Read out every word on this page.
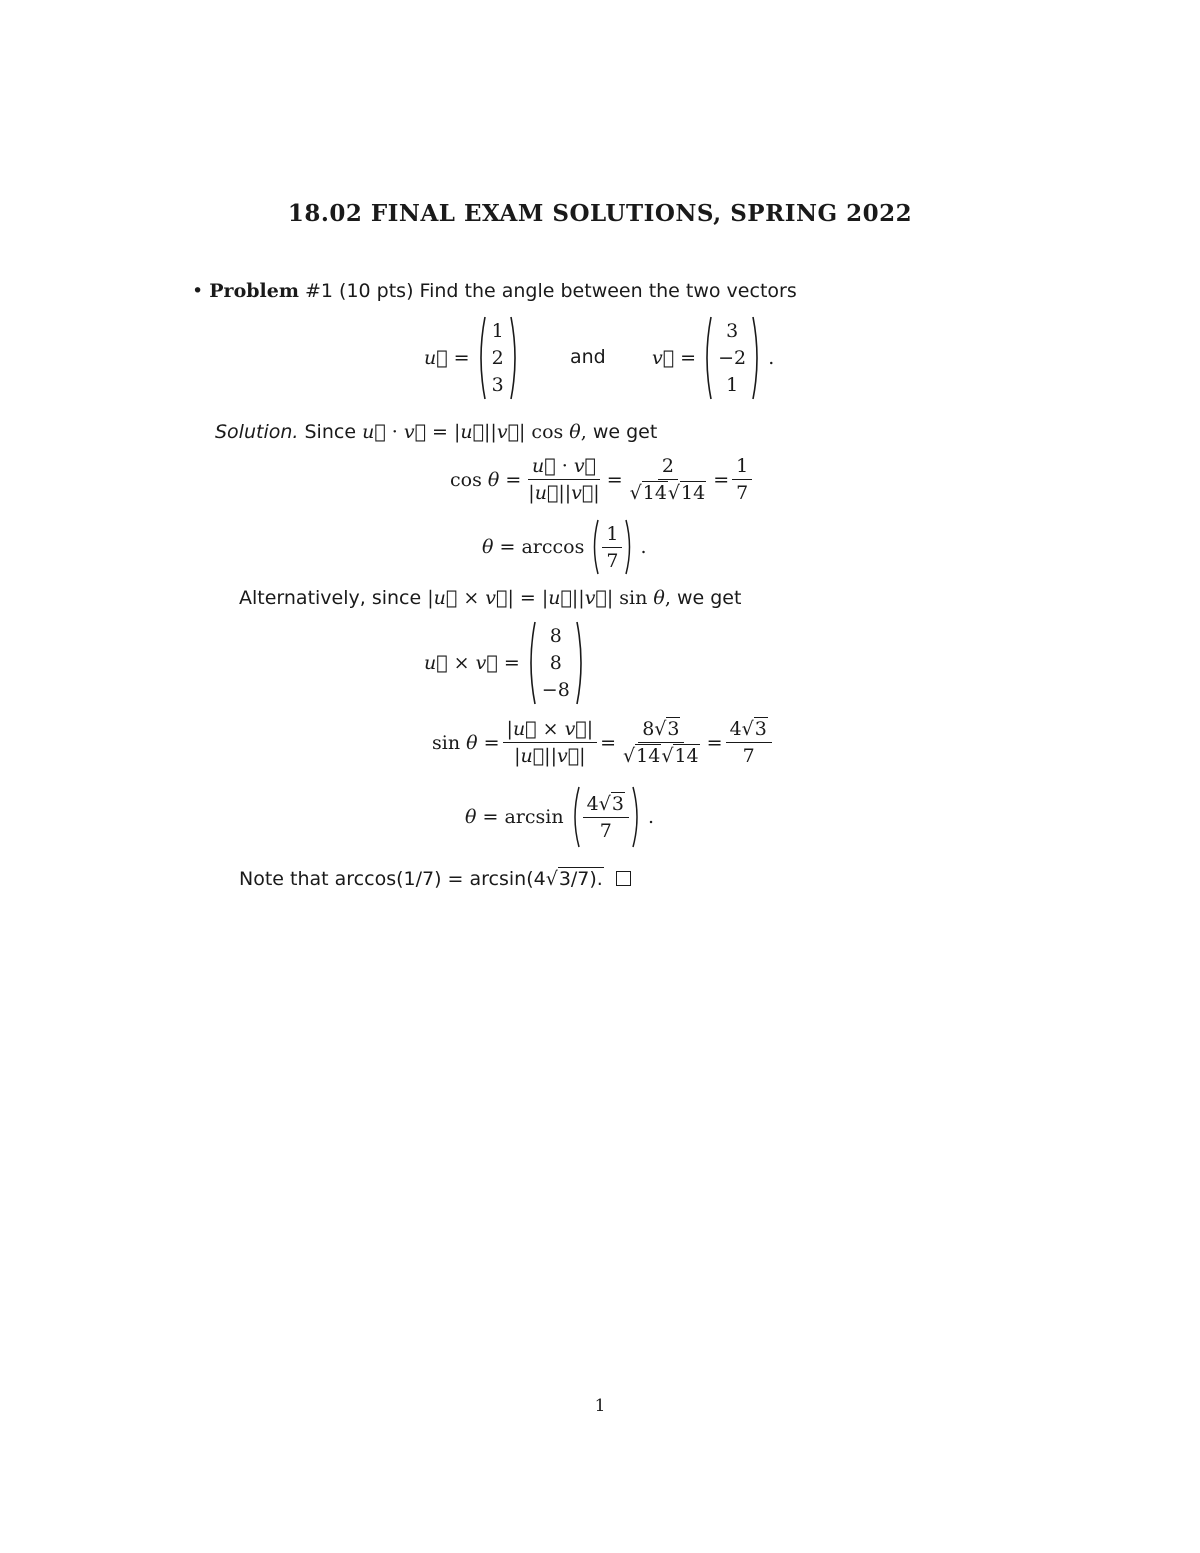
18.02 FINAL EXAM SOLUTIONS, SPRING 2022
• Problem #1 (10 pts) Find the angle between the two vectors
u⃗ =
1
2
3
and v⃗ =
3
−2
1
.
Solution. Since u⃗ · v⃗ = |u⃗||v⃗| cos θ, we get
$\cos \theta = \frac{u⃗ \cdot v⃗}{|u⃗||v⃗|} = \frac{2}{√14√14} = \frac{1}{7}$
$\theta = \arccos \frac{1}{7}$ .
Alternatively, since |u⃗ × v⃗| = |u⃗||v⃗| sin θ, we get
u⃗ × v⃗ =
8
8
−8
$\sin \theta = \frac{|u⃗ \times v⃗|}{|u⃗||v⃗|} = \frac{8√3}{√14√14} = \frac{4√3}{7}$
$\theta = \arcsin \frac{4√3}{7}$ .
Note that arccos(1/7) = arcsin(4√3/7).
1
